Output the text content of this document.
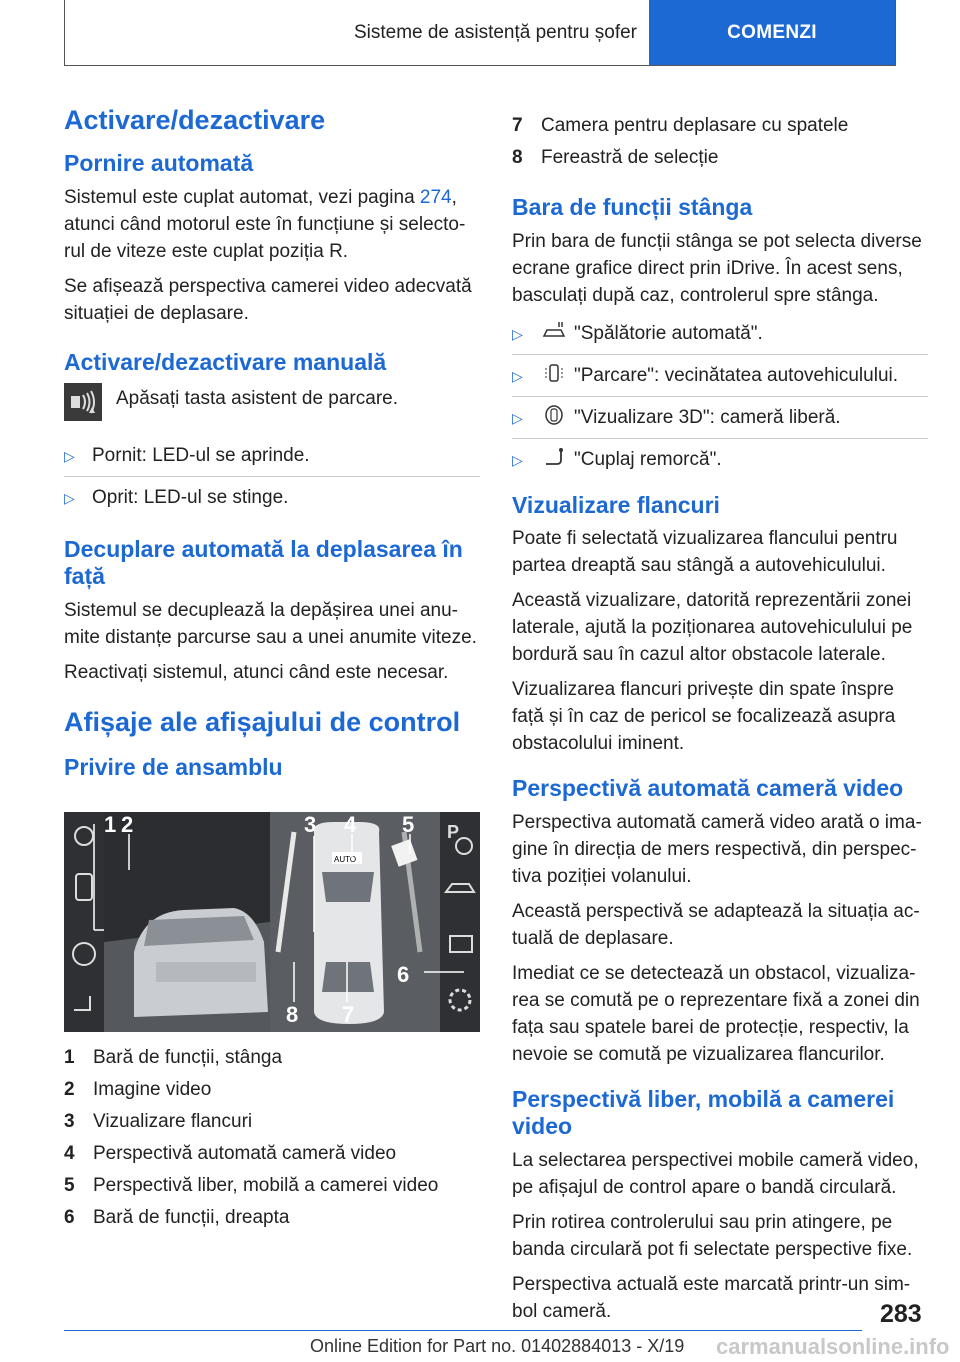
Sisteme de asistență pentru șofer	COMENZI
Activare/dezactivare
Pornire automată

Sistemul este cuplat automat, vezi pagina 274, atunci când motorul este în funcțiune și selectorul de viteze este cuplat poziția R.

Se afișează perspectiva camerei video adecvată situației de deplasare.

Activare/dezactivare manuală

Apăsați tasta asistent de parcare.

▷ Pornit: LED-ul se aprinde.
▷ Oprit: LED-ul se stinge.
Decuplare automată la deplasarea în față

Sistemul se decuplează la depășirea unei anumite distanțe parcurse sau a unei anumite viteze.

Reactivați sistemul, atunci când este necesar.

Afișaje ale afișajului de control
Privire de ansamblu
AUTO
P
1 2	3 4 5
6
7
8
1 Bară de funcții, stânga
2 Imagine video
3 Vizualizare flancuri
4 Perspectivă automată cameră video
5 Perspectivă liber, mobilă a camerei video
6 Bară de funcții, dreapta
7 Camera pentru deplasare cu spatele
8 Fereastră de selecție
Bara de funcții stânga

Prin bara de funcții stânga se pot selecta diverse ecrane grafice direct prin iDrive. În acest sens, basculați după caz, controlerul spre stânga.

▷	"Spălătorie automată".
▷	"Parcare": vecinătatea autovehiculului.
▷	"Vizualizare 3D": cameră liberă.
▷	"Cuplaj remorcă".
Vizualizare flancuri

Poate fi selectată vizualizarea flancului pentru partea dreaptă sau stângă a autovehiculului.

Această vizualizare, datorită reprezentării zonei laterale, ajută la poziționarea autovehiculului pe bordură sau în cazul altor obstacole laterale.

Vizualizarea flancuri privește din spate înspre față și în caz de pericol se focalizează asupra obstacolului iminent.

Perspectivă automată cameră video

Perspectiva automată cameră video arată o imagine în direcția de mers respectivă, din perspectiva poziției volanului.

Această perspectivă se adaptează la situația actuală de deplasare.

Imediat ce se detectează un obstacol, vizualizarea se comută pe o reprezentare fixă a zonei din fața sau spatele barei de protecție, respectiv, la nevoie se comută pe vizualizarea flancurilor.

Perspectivă liber, mobilă a camerei video

La selectarea perspectivei mobile cameră video, pe afișajul de control apare o bandă circulară.

Prin rotirea controlerului sau prin atingere, pe banda circulară pot fi selectate perspective fixe.

Perspectiva actuală este marcată printr-un simbol cameră.	283
Online Edition for Part no. 01402884013 - X/19 carmanualsonline.info
